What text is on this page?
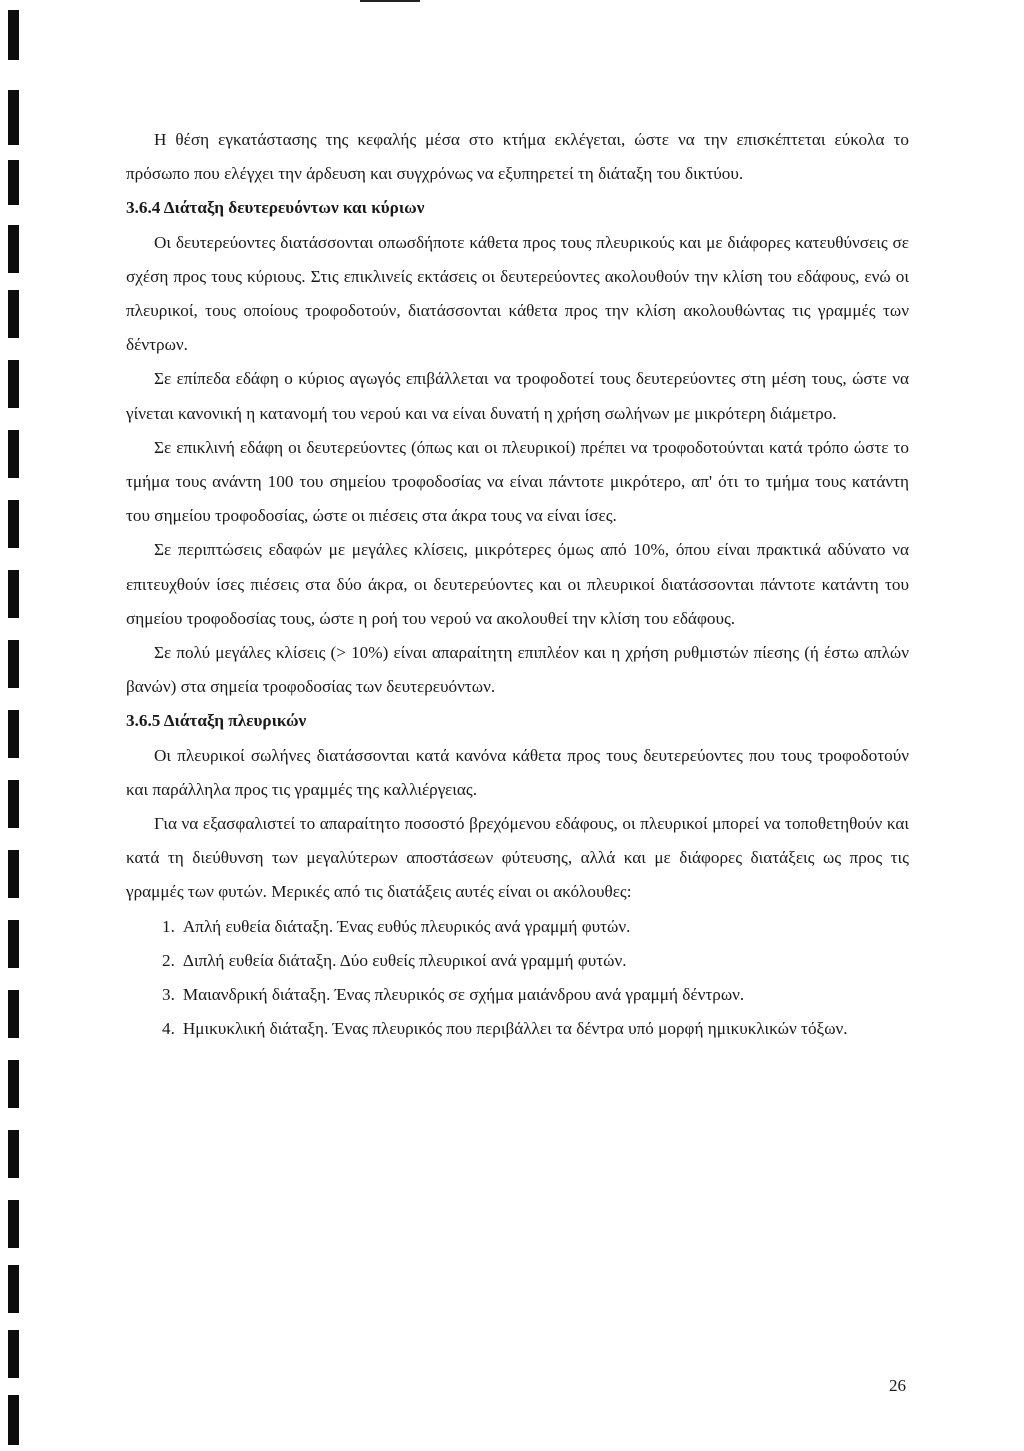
Η θέση εγκατάστασης της κεφαλής μέσα στο κτήμα εκλέγεται, ώστε να την επισκέπτεται εύκολα το πρόσωπο που ελέγχει την άρδευση και συγχρόνως να εξυπηρετεί τη διάταξη του δικτύου.

3.6.4 Διάταξη δευτερευόντων και κύριων

Οι δευτερεύοντες διατάσσονται οπωσδήποτε κάθετα προς τους πλευρικούς και με διάφορες κατευθύνσεις σε σχέση προς τους κύριους. Στις επικλινείς εκτάσεις οι δευτερεύοντες ακολουθούν την κλίση του εδάφους, ενώ οι πλευρικοί, τους οποίους τροφοδοτούν, διατάσσονται κάθετα προς την κλίση ακολουθώντας τις γραμμές των δέντρων.

Σε επίπεδα εδάφη ο κύριος αγωγός επιβάλλεται να τροφοδοτεί τους δευτερεύοντες στη μέση τους, ώστε να γίνεται κανονική η κατανομή του νερού και να είναι δυνατή η χρήση σωλήνων με μικρότερη διάμετρο.

Σε επικλινή εδάφη οι δευτερεύοντες (όπως και οι πλευρικοί) πρέπει να τροφοδοτούνται κατά τρόπο ώστε το τμήμα τους ανάντη 100 του σημείου τροφοδοσίας να είναι πάντοτε μικρότερο, απ' ότι το τμήμα τους κατάντη του σημείου τροφοδοσίας, ώστε οι πιέσεις στα άκρα τους να είναι ίσες.

Σε περιπτώσεις εδαφών με μεγάλες κλίσεις, μικρότερες όμως από 10%, όπου είναι πρακτικά αδύνατο να επιτευχθούν ίσες πιέσεις στα δύο άκρα, οι δευτερεύοντες και οι πλευρικοί διατάσσονται πάντοτε κατάντη του σημείου τροφοδοσίας τους, ώστε η ροή του νερού να ακολουθεί την κλίση του εδάφους.

Σε πολύ μεγάλες κλίσεις (> 10%) είναι απαραίτητη επιπλέον και η χρήση ρυθμιστών πίεσης (ή έστω απλών βανών) στα σημεία τροφοδοσίας των δευτερευόντων.

3.6.5 Διάταξη πλευρικών

Οι πλευρικοί σωλήνες διατάσσονται κατά κανόνα κάθετα προς τους δευτερεύοντες που τους τροφοδοτούν και παράλληλα προς τις γραμμές της καλλιέργειας.

Για να εξασφαλιστεί το απαραίτητο ποσοστό βρεχόμενου εδάφους, οι πλευρικοί μπορεί να τοποθετηθούν και κατά τη διεύθυνση των μεγαλύτερων αποστάσεων φύτευσης, αλλά και με διάφορες διατάξεις ως προς τις γραμμές των φυτών. Μερικές από τις διατάξεις αυτές είναι οι ακόλουθες:

1. Απλή ευθεία διάταξη. Ένας ευθύς πλευρικός ανά γραμμή φυτών.
2. Διπλή ευθεία διάταξη. Δύο ευθείς πλευρικοί ανά γραμμή φυτών.
3. Μαιανδρική διάταξη. Ένας πλευρικός σε σχήμα μαιάνδρου ανά γραμμή δέντρων.
4. Ημικυκλική διάταξη. Ένας πλευρικός που περιβάλλει τα δέντρα υπό μορφή ημικυκλικών τόξων.
26
